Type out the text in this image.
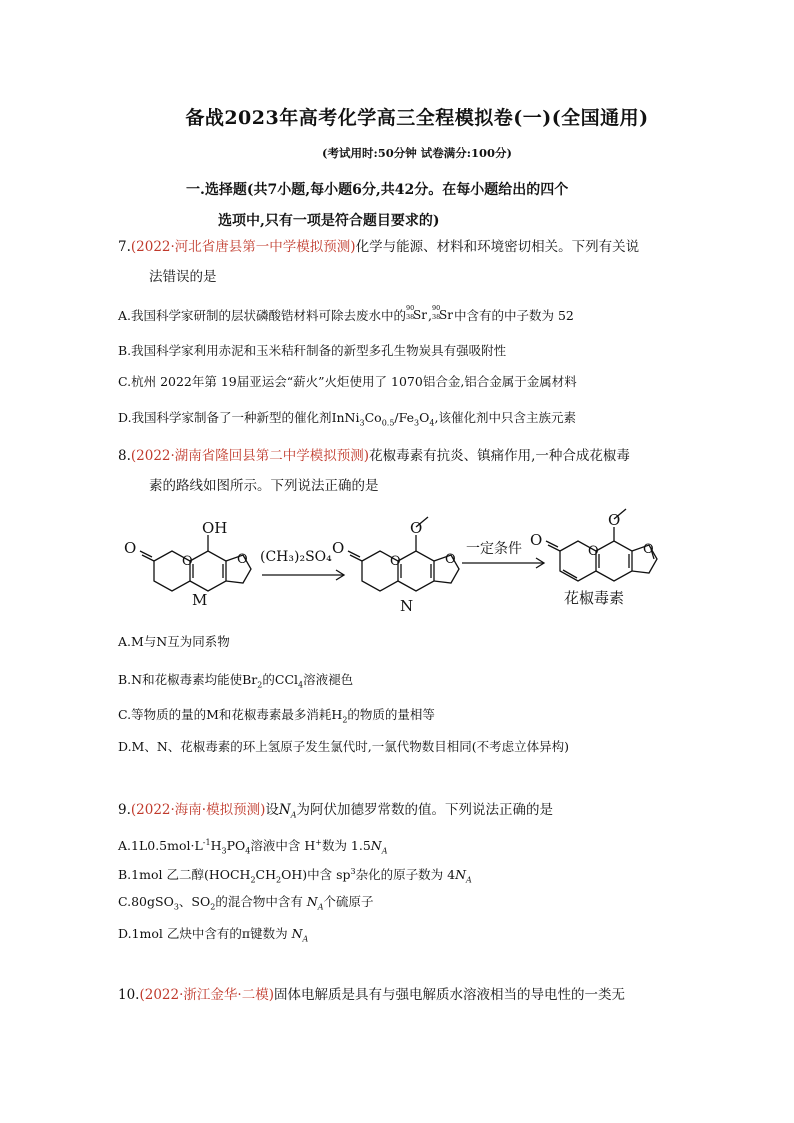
备战2023年高考化学高三全程模拟卷(一)(全国通用)
(考试用时:50分钟 试卷满分:100分)
一.选择题(共7小题,每小题6分,共42分。在每小题给出的四个
选项中,只有一项是符合题目要求的)
7.(2022·河北省唐县第一中学模拟预测)化学与能源、材料和环境密切相关。下列有关说
法错误的是
A.我国科学家研制的层状磷酸锆材料可除去废水中的 90
38
Sr , 90
38
Sr 中含有的中子数为 52
B.我国科学家利用赤泥和玉米秸秆制备的新型多孔生物炭具有强吸附性
C.杭州 2022年第 19届亚运会“薪火”火炬使用了 1070铝合金,铝合金属于金属材料
D.我国科学家制备了一种新型的催化剂$InNi_3Co_{0.5}/Fe_3O_4$,该催化剂中只含主族元素
8.(2022·湖南省隆回县第二中学模拟预测)花椒毒素有抗炎、镇痛作用,一种合成花椒毒
素的路线如图所示。下列说法正确的是
OH
O
O	O
M
(CH₃)₂SO₄
O
O
O	O
N
一定条件
O
O
O	O
花椒毒素
A.M与N互为同系物
B.N和花椒毒素均能使$Br_2$的CCl$_4$溶液褪色
C.等物质的量的M和花椒毒素最多消耗$H_2$的物质的量相等
D.M、N、花椒毒素的环上氢原子发生氯代时,一氯代物数目相同(不考虑立体异构)
9.(2022·海南·模拟预测)设$N_A$为阿伏加德罗常数的值。下列说法正确的是
$A.1L0.5mol\cdot L^{-1}H_3PO_4$溶液中含 H+数为 $1.5N_A$
B.1mol 乙二醇$(HOCH_2CH_2OH)$中含 $sp^3$杂化的原子数为 $4N_A$
C.80gSO$_3$、$SO_2$的混合物中含有 $N_A$个硫原子
D.1mol 乙炔中含有的π键数为 $N_A$
10.(2022·浙江金华·二模)固体电解质是具有与强电解质水溶液相当的导电性的一类无
